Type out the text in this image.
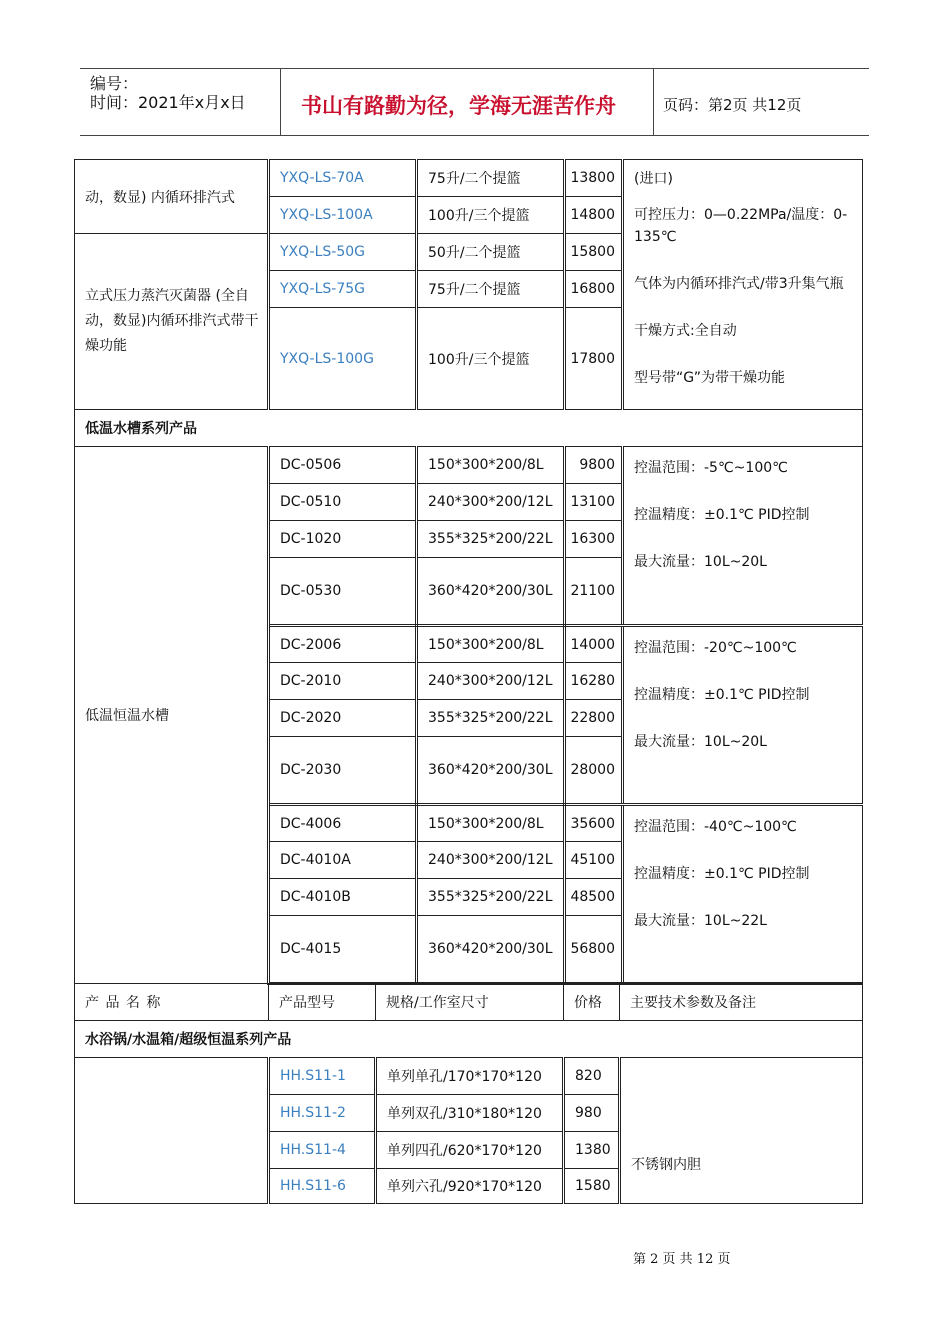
编号：
时间：2021年x月x日	书山有路勤为径，学海无涯苦作舟	页码：第2页 共12页
动，数显) 内循环排汽式	YXQ-LS-70A	75升/二个提篮	13800	(进口)

可控压力：0—0.22MPa/温度：0-135℃

气体为内循环排汽式/带3升集气瓶

干燥方式:全自动

型号带“G”为带干燥功能

	YXQ-LS-100A	100升/三个提篮	14800	
立式压力蒸汽灭菌器 (全自动，数显)内循环排汽式带干燥功能	YXQ-LS-50G	50升/二个提篮	15800	
	YXQ-LS-75G	75升/二个提篮	16800	
	YXQ-LS-100G	100升/三个提篮	17800	
低温水槽系列产品				
低温恒温水槽	DC-0506	150*300*200/8L	9800	控温范围：-5℃~100℃

控温精度：±0.1℃ PID控制

最大流量：10L~20L

	DC-0510	240*300*200/12L	13100	
	DC-1020	355*325*200/22L	16300	
	DC-0530	360*420*200/30L	21100	
	DC-2006	150*300*200/8L	14000	控温范围：-20℃~100℃

控温精度：±0.1℃ PID控制

最大流量：10L~20L

	DC-2010	240*300*200/12L	16280	
	DC-2020	355*325*200/22L	22800	
	DC-2030	360*420*200/30L	28000	
	DC-4006	150*300*200/8L	35600	控温范围：-40℃~100℃

控温精度：±0.1℃ PID控制

最大流量：10L~22L

	DC-4010A	240*300*200/12L	45100	
	DC-4010B	355*325*200/22L	48500	
	DC-4015	360*420*200/30L	56800	
产 品 名 称	产品型号	规格/工作室尺寸	价格	主要技术参数及备注
水浴锅/水温箱/超级恒温系列产品				
	HH.S11-1	单列单孔/170*170*120	820	不锈钢内胆
	HH.S11-2	单列双孔/310*180*120	980	
	HH.S11-4	单列四孔/620*170*120	1380	
	HH.S11-6	单列六孔/920*170*120	1580	
第 2 页 共 12 页
